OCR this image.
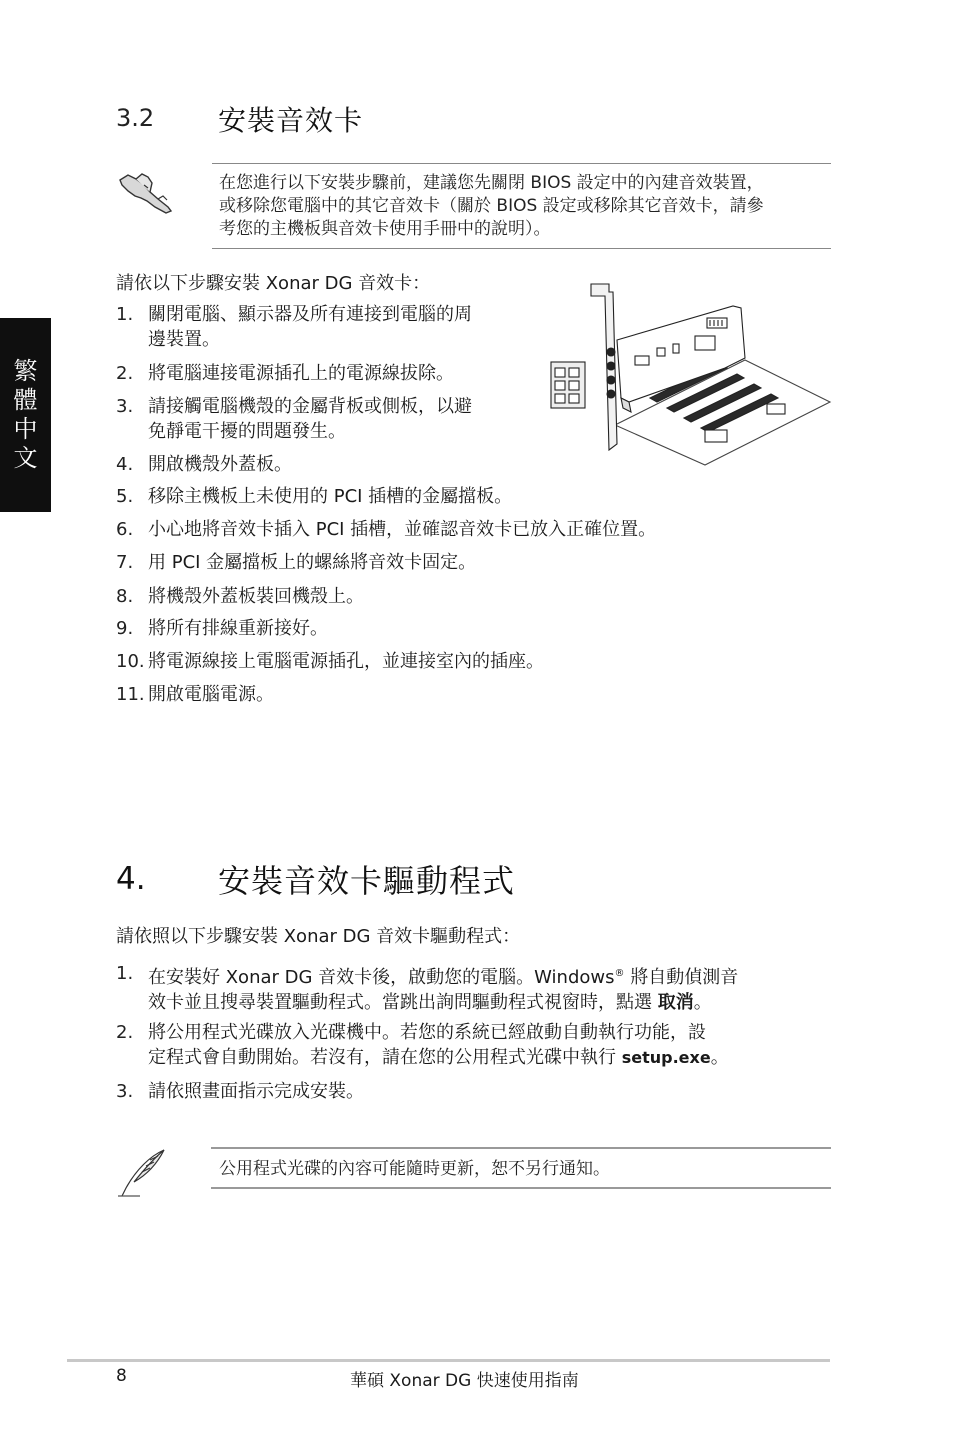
繁
體
中
文
3.2 安裝音效卡
在您進行以下安裝步驟前，建議您先關閉 BIOS 設定中的內建音效裝置，
或移除您電腦中的其它音效卡（關於 BIOS 設定或移除其它音效卡，請參
考您的主機板與音效卡使用手冊中的說明）。
請依以下步驟安裝 Xonar DG 音效卡：
1. 關閉電腦、顯示器及所有連接到電腦的周
邊裝置。
2. 將電腦連接電源插孔上的電源線拔除。
3. 請接觸電腦機殼的金屬背板或側板，以避
免靜電干擾的問題發生。
4. 開啟機殼外蓋板。
5. 移除主機板上未使用的 PCI 插槽的金屬擋板。
6. 小心地將音效卡插入 PCI 插槽，並確認音效卡已放入正確位置。
7. 用 PCI 金屬擋板上的螺絲將音效卡固定。
8. 將機殼外蓋板裝回機殼上。
9. 將所有排線重新接好。
10. 將電源線接上電腦電源插孔，並連接室內的插座。
11. 開啟電腦電源。
4. 安裝音效卡驅動程式
請依照以下步驟安裝 Xonar DG 音效卡驅動程式：
1. 在安裝好 Xonar DG 音效卡後，啟動您的電腦。Windows® 將自動偵測音
效卡並且搜尋裝置驅動程式。當跳出詢問驅動程式視窗時，點選 取消。
2. 將公用程式光碟放入光碟機中。若您的系統已經啟動自動執行功能，設
定程式會自動開始。若沒有，請在您的公用程式光碟中執行 setup.exe。
3. 請依照畫面指示完成安裝。
公用程式光碟的內容可能隨時更新，恕不另行通知。
8	華碩 Xonar DG 快速使用指南
